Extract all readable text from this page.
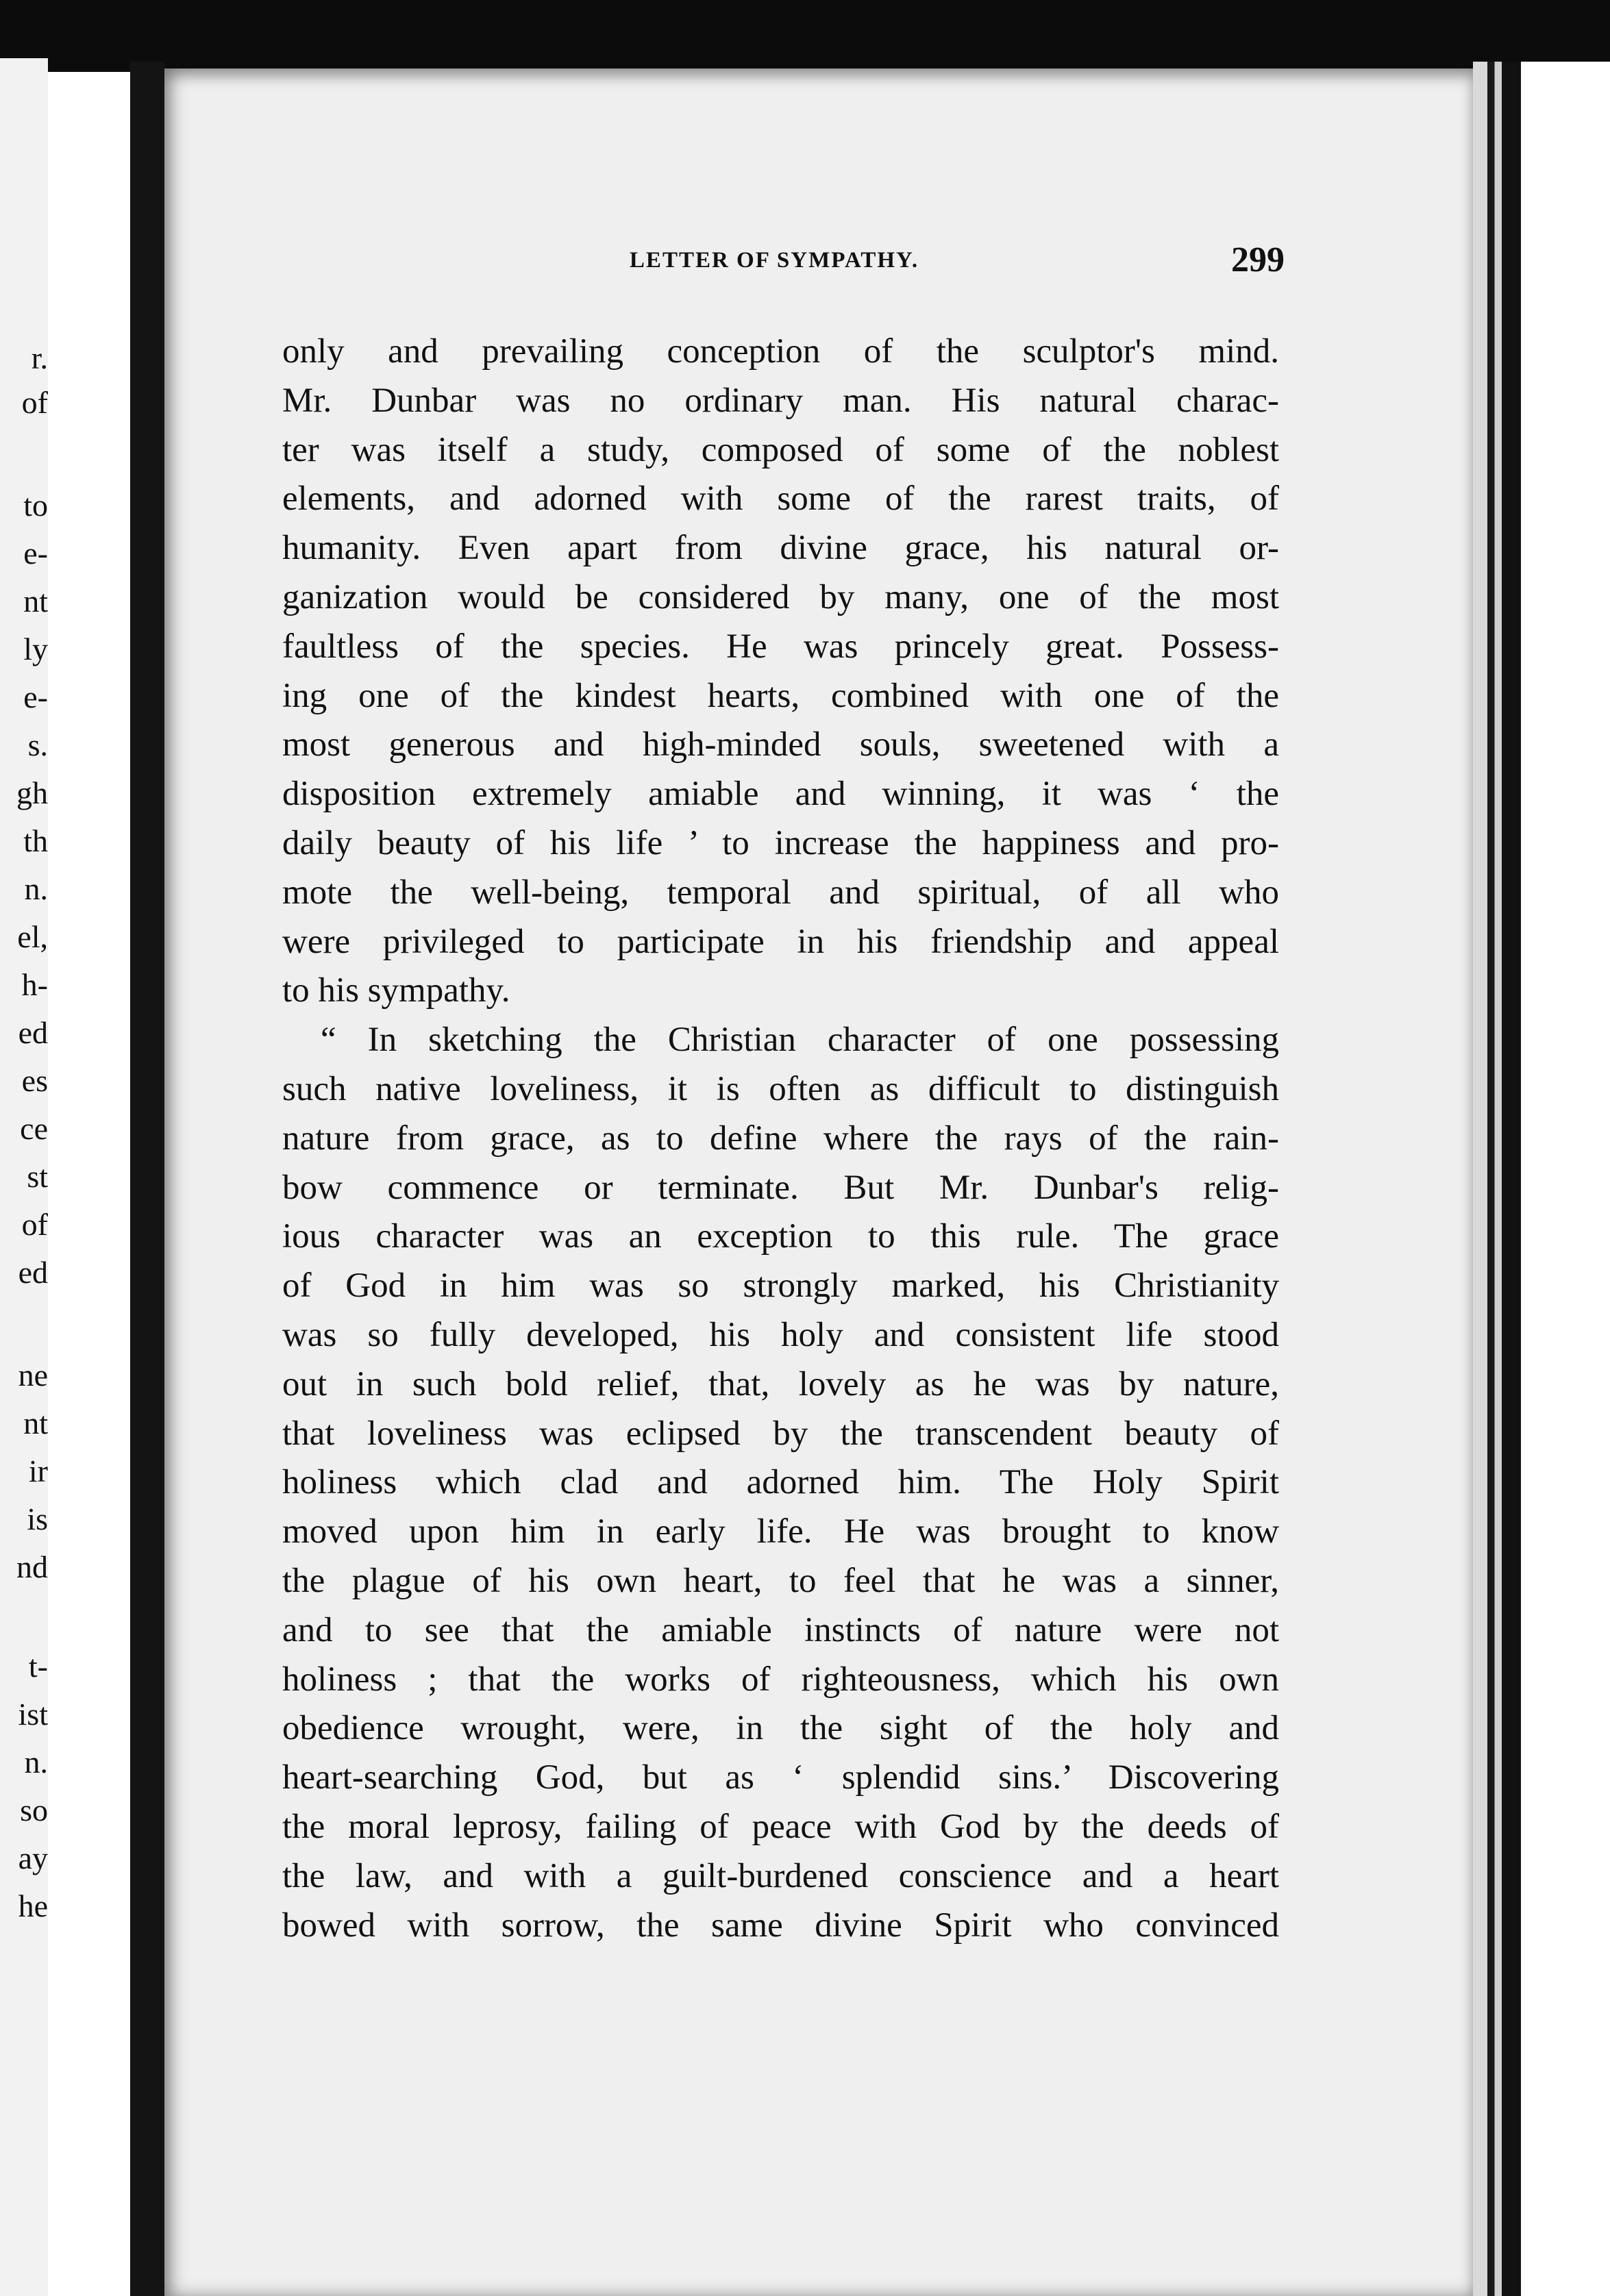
r.
of
to
e-
nt
ly
e-
s.
gh
th
n.
el,
h-
ed
es
ce
st
of
ed
ne
nt
ir
is
nd
t-
ist
n.
so
ay
he
LETTER OF SYMPATHY.	299
only and prevailing conception of the sculptor's mind.
Mr. Dunbar was no ordinary man. His natural charac-
ter was itself a study, composed of some of the noblest
elements, and adorned with some of the rarest traits, of
humanity. Even apart from divine grace, his natural or-
ganization would be considered by many, one of the most
faultless of the species. He was princely great. Possess-
ing one of the kindest hearts, combined with one of the
most generous and high-minded souls, sweetened with a
disposition extremely amiable and winning, it was ‘ the
daily beauty of his life ’ to increase the happiness and pro-
mote the well-being, temporal and spiritual, of all who
were privileged to participate in his friendship and appeal
to his sympathy.
“ In sketching the Christian character of one possessing
such native loveliness, it is often as difficult to distinguish
nature from grace, as to define where the rays of the rain-
bow commence or terminate. But Mr. Dunbar's relig-
ious character was an exception to this rule. The grace
of God in him was so strongly marked, his Christianity
was so fully developed, his holy and consistent life stood
out in such bold relief, that, lovely as he was by nature,
that loveliness was eclipsed by the transcendent beauty of
holiness which clad and adorned him. The Holy Spirit
moved upon him in early life. He was brought to know
the plague of his own heart, to feel that he was a sinner,
and to see that the amiable instincts of nature were not
holiness ; that the works of righteousness, which his own
obedience wrought, were, in the sight of the holy and
heart-searching God, but as ‘ splendid sins.’ Discovering
the moral leprosy, failing of peace with God by the deeds of
the law, and with a guilt-burdened conscience and a heart
bowed with sorrow, the same divine Spirit who convinced
